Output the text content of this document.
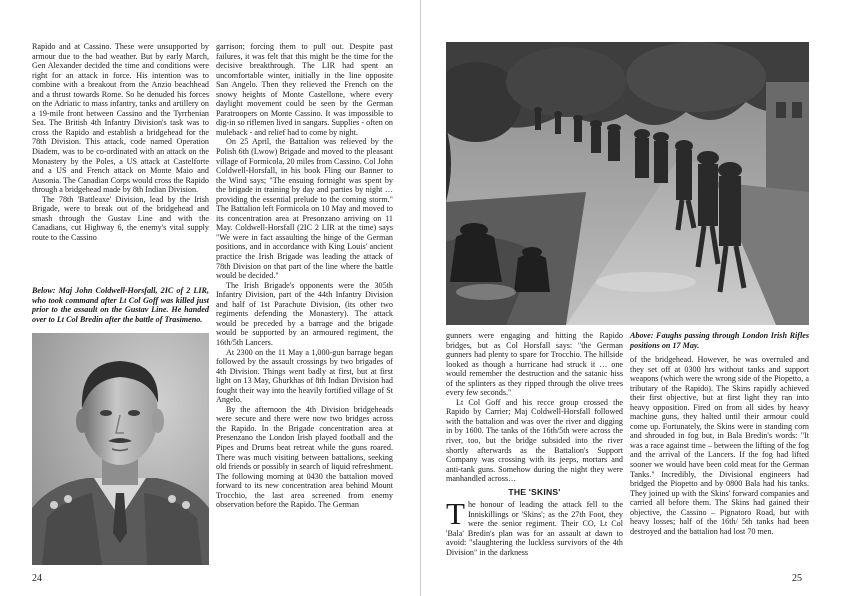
Rapido and at Cassino. These were unsupported by armour due to the bad weather. But by early March, Gen Alexander decided the time and conditions were right for an attack in force. His intention was to combine with a breakout from the Anzio beachhead and a thrust towards Rome. So he denuded his forces on the Adriatic to mass infantry, tanks and artillery on a 19-mile front between Cassino and the Tyrrhenian Sea. The British 4th Infantry Division's task was to cross the Rapido and establish a bridgehead for the 78th Division. This attack, code named Operation Diadem, was to be co-ordinated with an attack on the Monastery by the Poles, a US attack at Castelforte and a US and French attack on Monte Maio and Ausonia. The Canadian Corps would cross the Rapido through a bridgehead made by 8th Indian Division.

The 78th 'Battleaxe' Division, lead by the Irish Brigade, were to break out of the bridgehead and smash through the Gustav Line and with the Canadians, cut Highway 6, the enemy's vital supply route to the Cassino

Below: Maj John Coldwell-Horsfall, 2IC of 2 LIR, who took command after Lt Col Goff was killed just prior to the assault on the Gustav Line. He handed over to Lt Col Bredin after the battle of Trasimeno.

garrison; forcing them to pull out. Despite past failures, it was felt that this might be the time for the decisive breakthrough. The LIR had spent an uncomfortable winter, initially in the line opposite San Angelo. Then they relieved the French on the snowy heights of Monte Castellone, where every daylight movement could be seen by the German Paratroopers on Monte Cassino. It was impossible to dig-in so riflemen lived in sangars. Supplies - often on muleback - and relief had to come by night.

On 25 April, the Battalion was relieved by the Polish 6th (Lwow) Brigade and moved to the pleasant village of Formicola, 20 miles from Cassino. Col John Coldwell-Horsfall, in his book Fling our Banner to the Wind says; "The ensuing fortnight was spent by the brigade in training by day and parties by night … providing the essential prelude to the coming storm." The Battalion left Formicola on 10 May and moved to its concentration area at Presonzano arriving on 11 May. Coldwell-Horsfall (2IC 2 LIR at the time) says "We were in fact assaulting the hinge of the German positions, and in accordance with King Louis' ancient practice the Irish Brigade was leading the attack of 78th Division on that part of the line where the battle would be decided."

The Irish Brigade's opponents were the 305th Infantry Division, part of the 44th Infantry Division and half of 1st Parachute Division, (its other two regiments defending the Monastery). The attack would be preceded by a barrage and the brigade would be supported by an armoured regiment, the 16th/5th Lancers.

At 2300 on the 11 May a 1,000-gun barrage began followed by the assault crossings by two brigades of 4th Division. Things went badly at first, but at first light on 13 May, Ghurkhas of 8th Indian Division had fought their way into the heavily fortified village of St Angelo.

By the afternoon the 4th Division bridgeheads were secure and there were now two bridges across the Rapido. In the Brigade concentration area at Presenzano the London Irish played football and the Pipes and Drums beat retreat while the guns roared. There was much visiting between battalions, seeking old friends or possibly in search of liquid refreshment. The following morning at 0430 the battalion moved forward to its new concentration area behind Mount Trocchio, the last area screened from enemy observation before the Rapido. The German

24

gunners were engaging and hitting the Rapido bridges, but as Col Horsfall says: "the German gunners had plenty to spare for Trocchio. The hillside looked as though a hurricane had struck it … one would remember the destruction and the satanic hiss of the splinters as they ripped through the olive trees every few seconds."

Lt Col Goff and his recce group crossed the Rapido by Carrier; Maj Coldwell-Horsfall followed with the battalion and was over the river and digging in by 1600. The tanks of the 16th/5th were across the river, too, but the bridge subsided into the river shortly afterwards as the Battalion's Support Company was crossing with its jeeps, mortars and anti-tank guns. Somehow during the night they were manhandled across…

THE 'SKINS'

The honour of leading the attack fell to the Inniskillings or 'Skins'; as the 27th Foot, they were the senior regiment. Their CO, Lt Col 'Bala' Bredin's plan was for an assault at dawn to avoid: "slaughtering the luckless survivors of the 4th Division" in the darkness

Above: Faughs passing through London Irish Rifles positions on 17 May.

of the bridgehead. However, he was overruled and they set off at 0300 hrs without tanks and support weapons (which were the wrong side of the Piopetto, a tributary of the Rapido). The Skins rapidly achieved their first objective, but at first light they ran into heavy opposition. Fired on from all sides by heavy machine guns, they halted until their armour could come up. Fortunately, the Skins were in standing corn and shrouded in fog but, in Bala Bredin's words: "It was a race against time – between the lifting of the fog and the arrival of the Lancers. If the fog had lifted sooner we would have been cold meat for the German Tanks." Incredibly, the Divisional engineers had bridged the Piopetto and by 0800 Bala had his tanks. They joined up with the Skins' forward companies and carried all before them. The Skins had gained their objective, the Cassino – Pignatoro Road, but with heavy losses; half of the 16th/ 5th tanks had been destroyed and the battalion had lost 70 men.

25
